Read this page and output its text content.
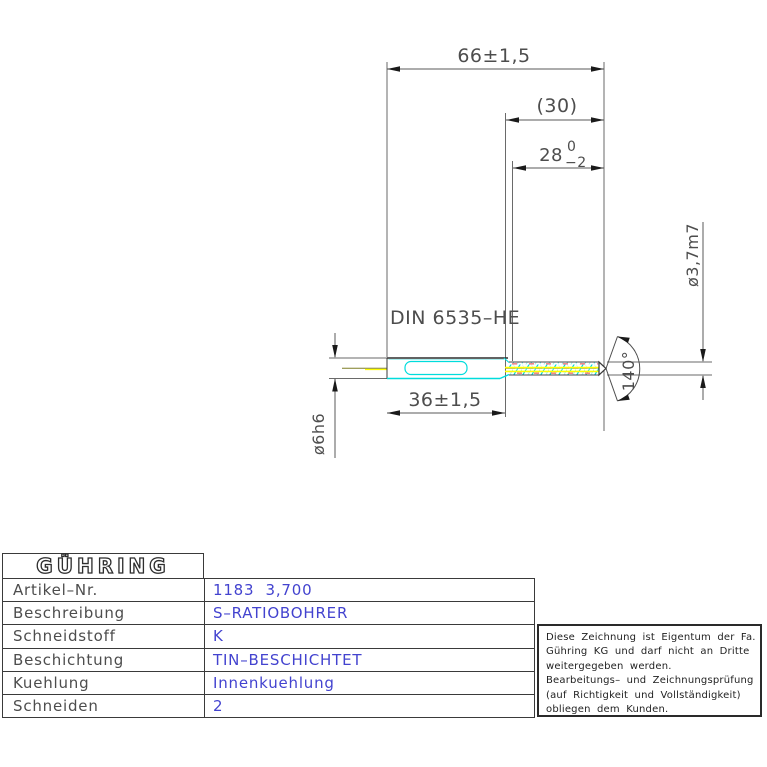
66±1,5
(30)
28 0
−2
36±1,5
ø6h6
ø3,7m7
140°
DIN 6535–HE
GÜHRING
Artikel–Nr.	1183  3,700
Beschreibung	S–RATIOBOHRER
Schneidstoff	K
Beschichtung	TIN–BESCHICHTET
Kuehlung	Innenkuehlung
Schneiden	2
Diese Zeichnung ist Eigentum der Fa.
Gühring KG und darf nicht an Dritte
weitergegeben werden.
Bearbeitungs– und Zeichnungsprüfung
(auf Richtigkeit und Vollständigkeit)
obliegen dem Kunden.
